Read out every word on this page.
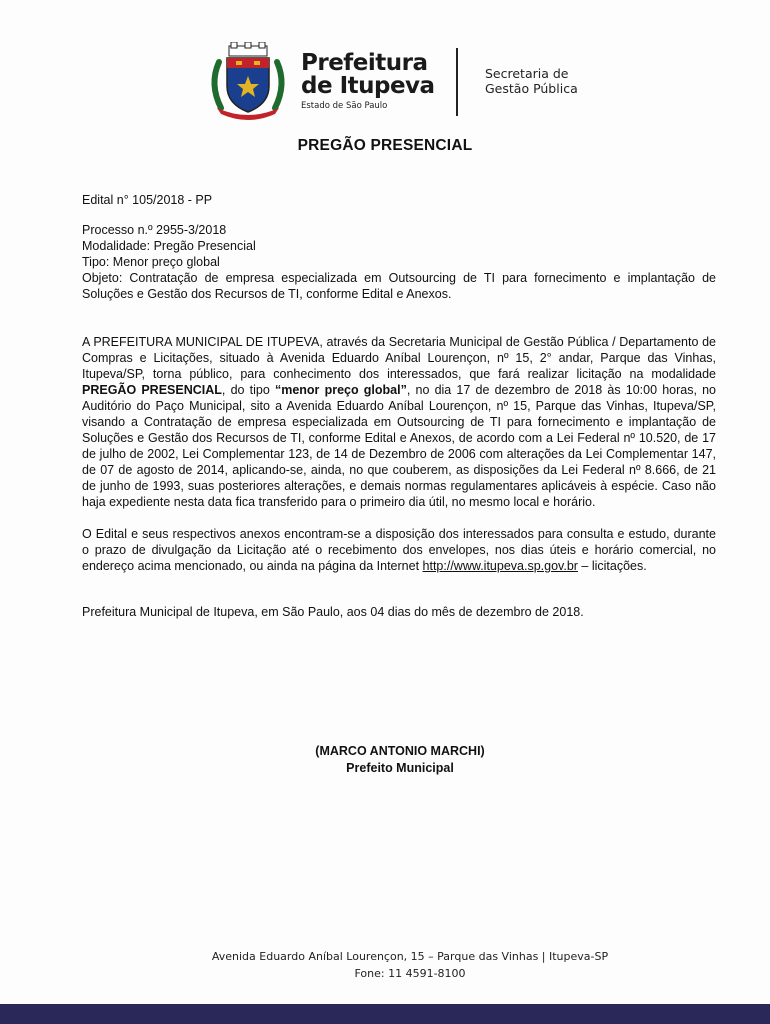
Prefeitura
de Itupeva
Estado de São Paulo
Secretaria de
Gestão Pública
PREGÃO PRESENCIAL

Edital n° 105/2018 - PP

Processo n.º 2955-3/2018

Modalidade: Pregão Presencial

Tipo: Menor preço global

Objeto: Contratação de empresa especializada em Outsourcing de TI para fornecimento e implantação de Soluções e Gestão dos Recursos de TI, conforme Edital e Anexos.

A PREFEITURA MUNICIPAL DE ITUPEVA, através da Secretaria Municipal de Gestão Pública / Departamento de Compras e Licitações, situado à Avenida Eduardo Aníbal Lourençon, nº 15, 2° andar, Parque das Vinhas, Itupeva/SP, torna público, para conhecimento dos interessados, que fará realizar licitação na modalidade PREGÃO PRESENCIAL, do tipo “menor preço global”, no dia 17 de dezembro de 2018 às 10:00 horas, no Auditório do Paço Municipal, sito a Avenida Eduardo Aníbal Lourençon, nº 15, Parque das Vinhas, Itupeva/SP, visando a Contratação de empresa especializada em Outsourcing de TI para fornecimento e implantação de Soluções e Gestão dos Recursos de TI, conforme Edital e Anexos, de acordo com a Lei Federal nº 10.520, de 17 de julho de 2002, Lei Complementar 123, de 14 de Dezembro de 2006 com alterações da Lei Complementar 147, de 07 de agosto de 2014, aplicando-se, ainda, no que couberem, as disposições da Lei Federal nº 8.666, de 21 de junho de 1993, suas posteriores alterações, e demais normas regulamentares aplicáveis à espécie. Caso não haja expediente nesta data fica transferido para o primeiro dia útil, no mesmo local e horário.

O Edital e seus respectivos anexos encontram-se a disposição dos interessados para consulta e estudo, durante o prazo de divulgação da Licitação até o recebimento dos envelopes, nos dias úteis e horário comercial, no endereço acima mencionado, ou ainda na página da Internet http://www.itupeva.sp.gov.br – licitações.

Prefeitura Municipal de Itupeva, em São Paulo, aos 04 dias do mês de dezembro de 2018.

(MARCO ANTONIO MARCHI)
Prefeito Municipal
Avenida Eduardo Aníbal Lourençon, 15 – Parque das Vinhas | Itupeva-SP
Fone: 11 4591-8100
